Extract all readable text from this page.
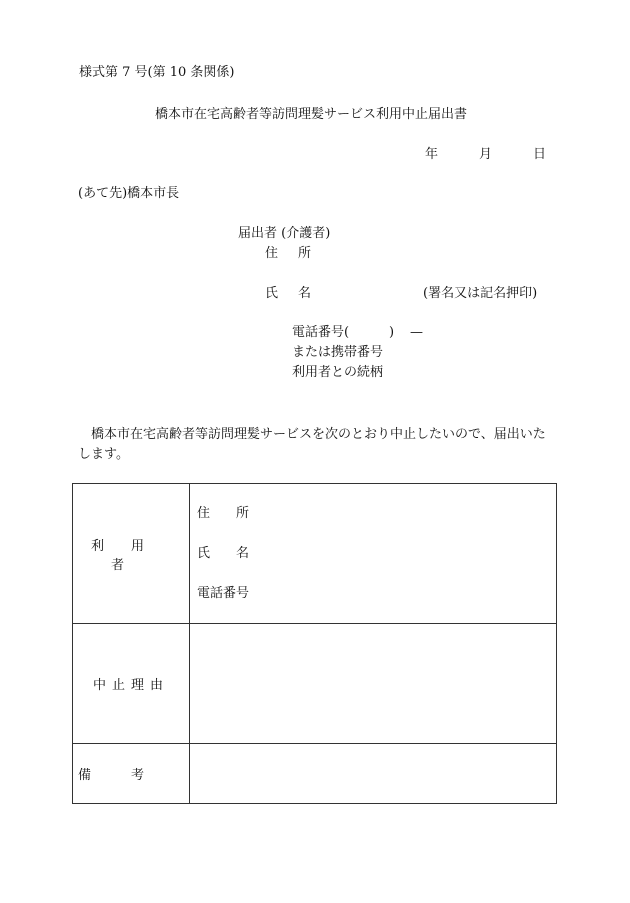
様式第 7 号(第 10 条関係)
橋本市在宅高齢者等訪問理髪サービス利用中止届出書
年	月	日
(あて先)橋本市長
届出者 (介護者)
住所
氏名	(署名又は記名押印)
電話番号(	) —
または携帯番号
利用者との続柄
橋本市在宅高齢者等訪問理髪サービスを次のとおり中止したいので、届出いたします。
利用者	住所
氏名
電話番号

中止理由	
備考	
